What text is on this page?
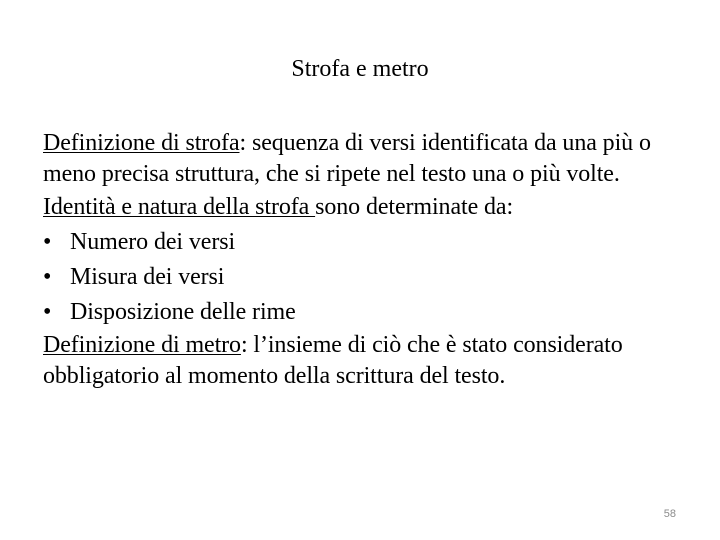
Strofa e metro

Definizione di strofa: sequenza di versi identificata da una più o meno precisa struttura, che si ripete nel testo una o più volte.

Identità e natura della strofa sono determinate da:

• Numero dei versi

• Misura dei versi

• Disposizione delle rime

Definizione di metro: l’insieme di ciò che è stato considerato obbligatorio al momento della scrittura del testo.

58
